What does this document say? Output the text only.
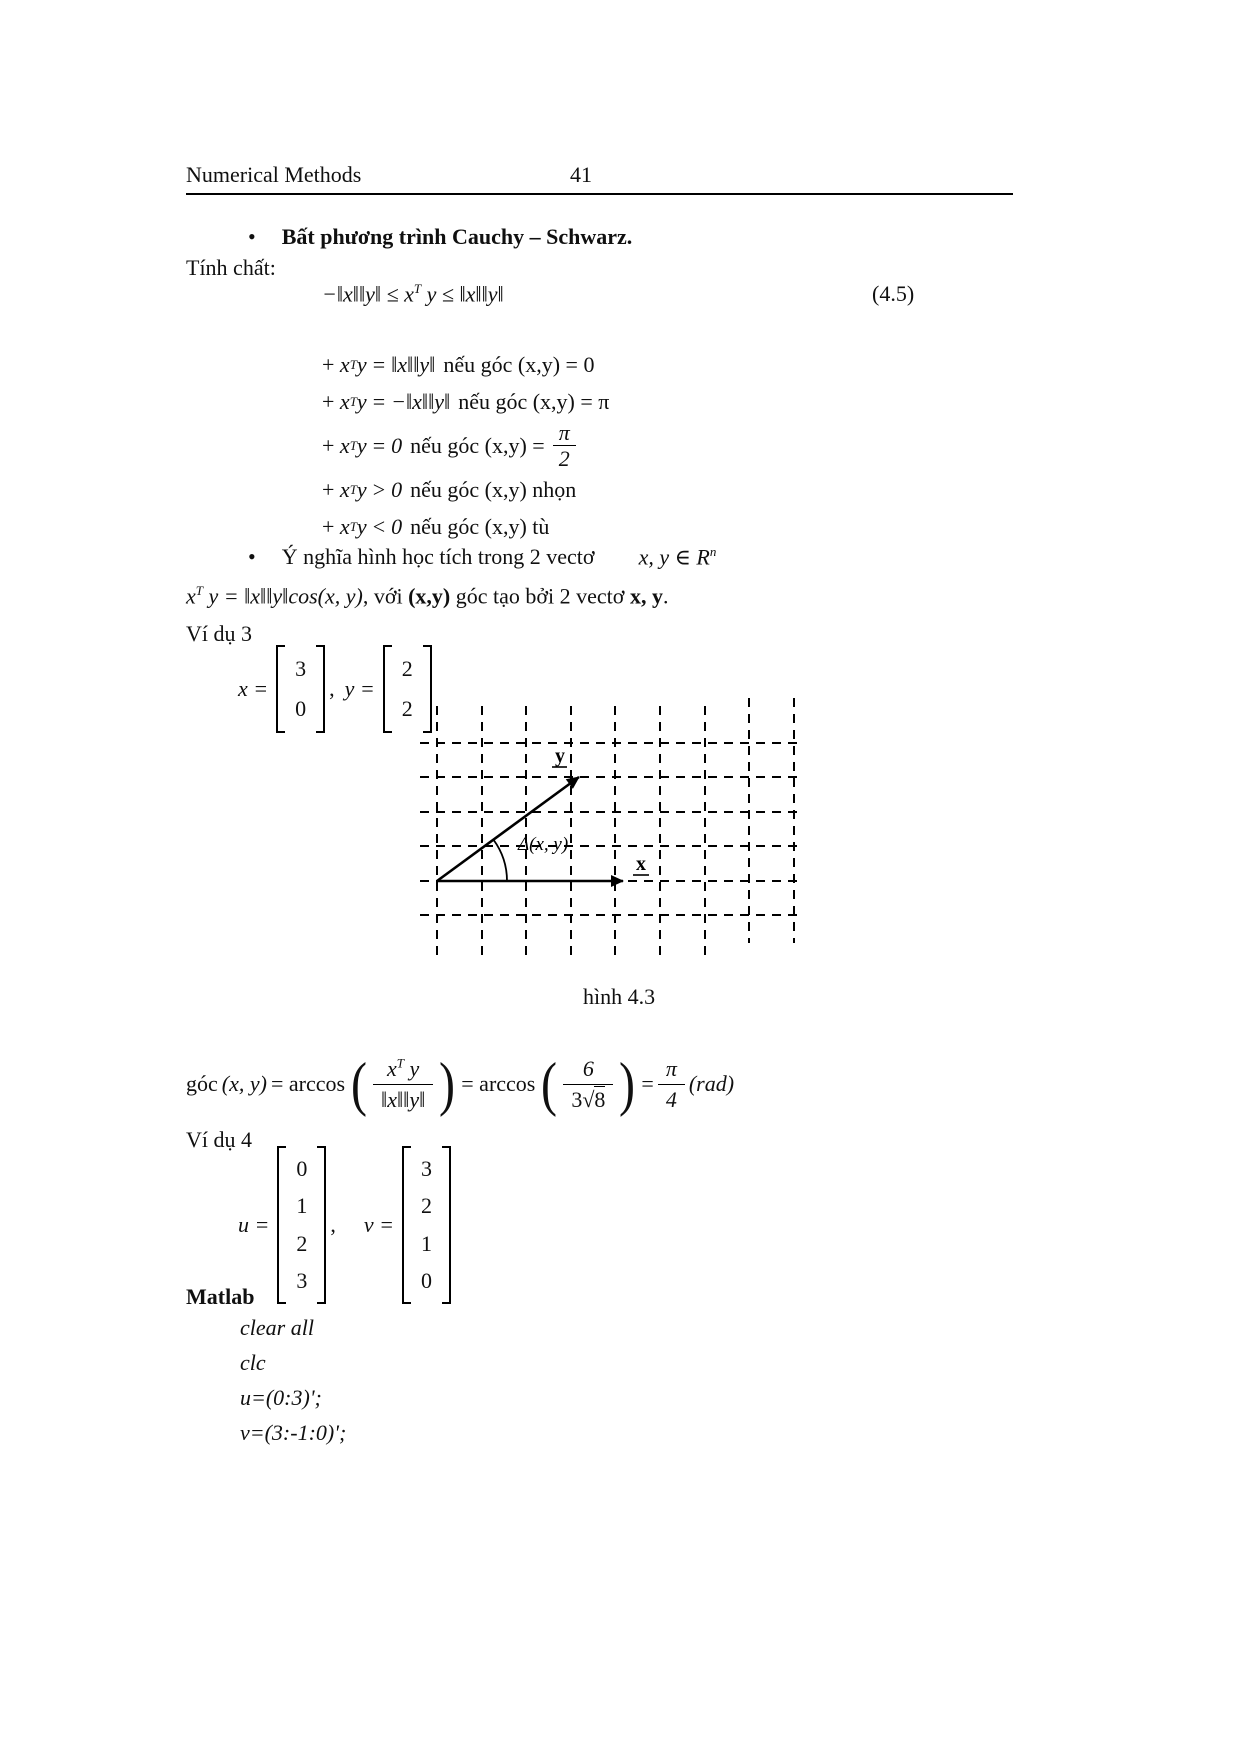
Numerical Methods	41
• Bất phương trình Cauchy – Schwarz.
Tính chất:
−‖x‖‖y‖ ≤ $x^T$ y ≤ ‖x‖‖y‖	(4.5)
+
x T y = ‖x‖‖y‖ nếu góc (x,y) = 0
+
x T y = −‖x‖‖y‖ nếu góc (x,y) = π
+
x T y = 0 nếu góc $(x,y) = \frac{\pi}{2}$
+
x T y > 0 nếu góc (x,y) nhọn
+
x T y < 0 nếu góc (x,y) tù
• Ý nghĩa hình học tích trong 2 vectơ x, y ∈ $R^n$
$x^T$ y = ‖x‖‖y‖cos(x, y), với (x,y) góc tạo bởi 2 vectơ x, y.
Ví dụ 3
x =
3
0
, y =
2
2
y
x
Δ(x, y)
hình 4.3
góc (x, y) = arccos ( $\frac{x^T y}{‖x‖‖y‖}$ ) = arccos ( $\frac{6}{3√8}$ ) = $\frac{\pi}{4} (rad)$
Ví dụ 4
u =
0
1
2
3
, v =
3
2
1
0
Matlab
clear all
clc
u=(0:3)';
v=(3:-1:0)';
